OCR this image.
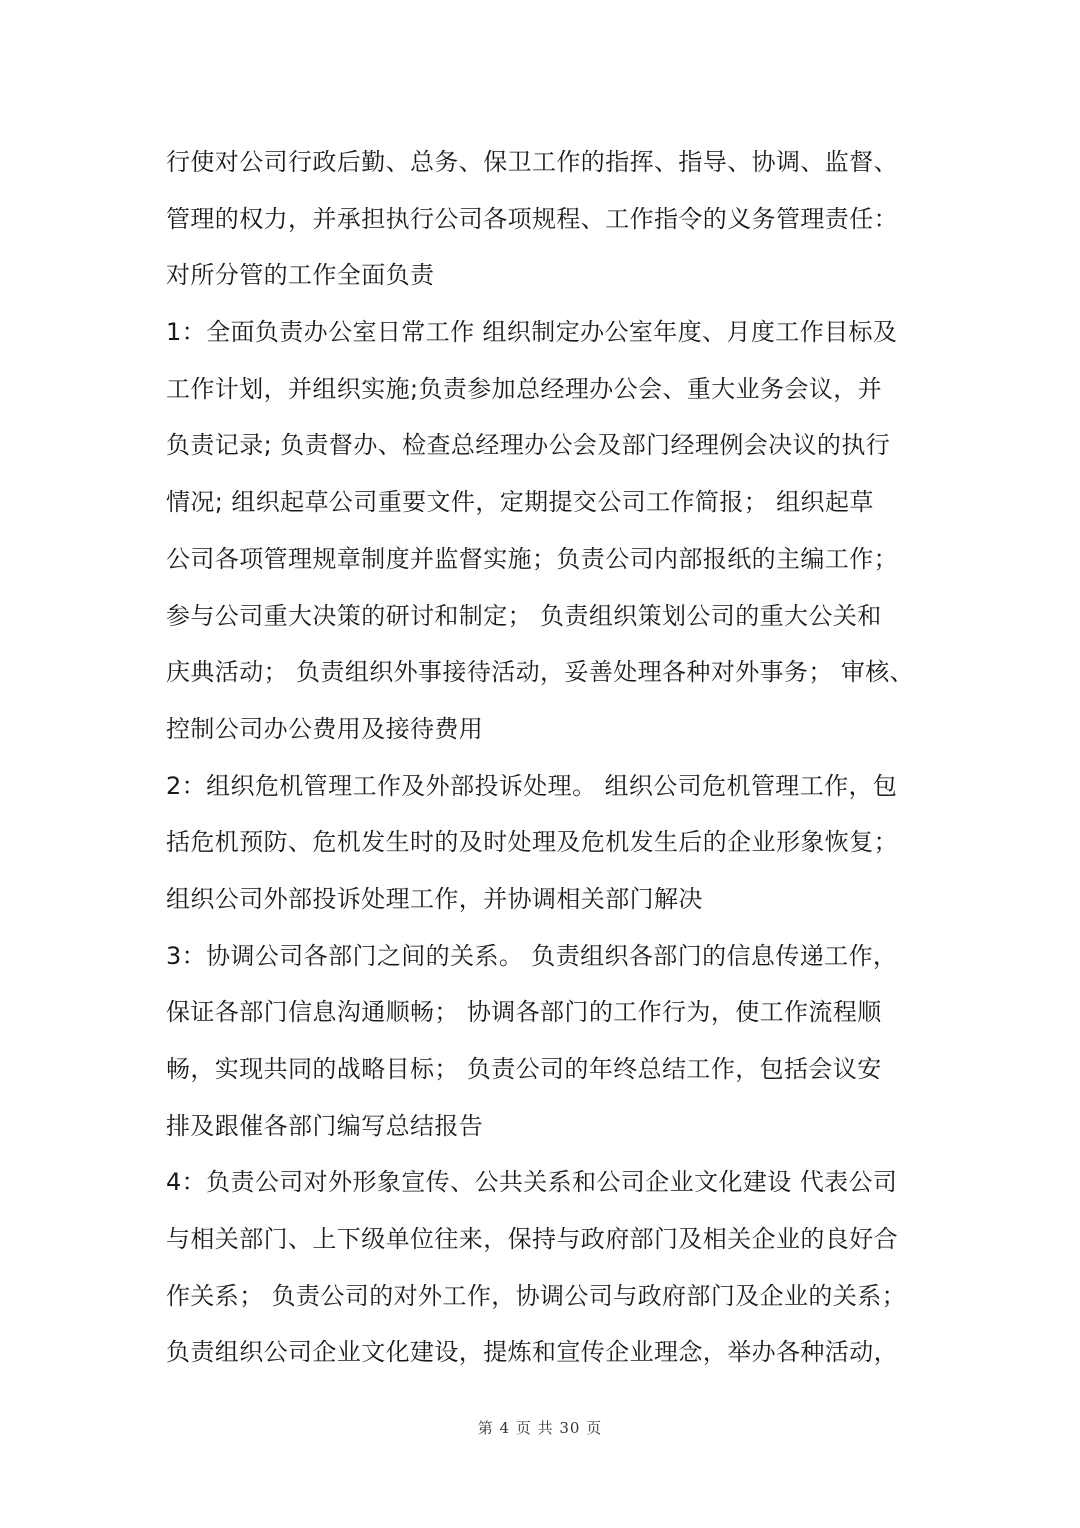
行使对公司行政后勤、总务、保卫工作的指挥、指导、协调、监督、
管理的权力，并承担执行公司各项规程、工作指令的义务管理责任：
对所分管的工作全面负责
1：全面负责办公室日常工作 组织制定办公室年度、月度工作目标及
工作计划，并组织实施;负责参加总经理办公会、重大业务会议，并
负责记录; 负责督办、检查总经理办公会及部门经理例会决议的执行
情况; 组织起草公司重要文件，定期提交公司工作简报； 组织起草
公司各项管理规章制度并监督实施；负责公司内部报纸的主编工作；
参与公司重大决策的研讨和制定； 负责组织策划公司的重大公关和
庆典活动； 负责组织外事接待活动，妥善处理各种对外事务； 审核、
控制公司办公费用及接待费用
2：组织危机管理工作及外部投诉处理。 组织公司危机管理工作，包
括危机预防、危机发生时的及时处理及危机发生后的企业形象恢复；
组织公司外部投诉处理工作，并协调相关部门解决
3：协调公司各部门之间的关系。 负责组织各部门的信息传递工作，
保证各部门信息沟通顺畅； 协调各部门的工作行为，使工作流程顺
畅，实现共同的战略目标； 负责公司的年终总结工作，包括会议安
排及跟催各部门编写总结报告
4：负责公司对外形象宣传、公共关系和公司企业文化建设 代表公司
与相关部门、上下级单位往来，保持与政府部门及相关企业的良好合
作关系； 负责公司的对外工作，协调公司与政府部门及企业的关系；
负责组织公司企业文化建设，提炼和宣传企业理念，举办各种活动，
第 4 页 共 30 页
